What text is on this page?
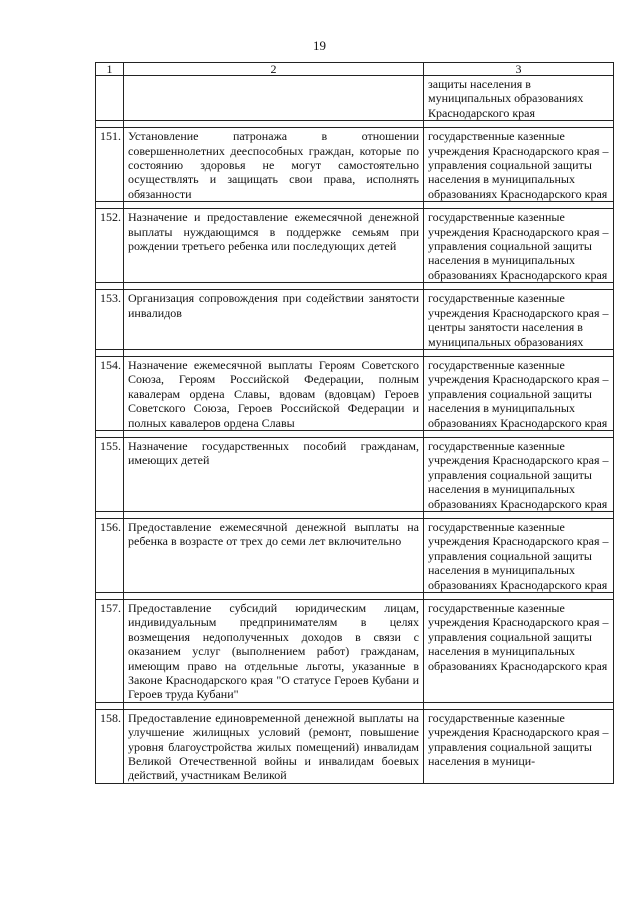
19
1	2	3
		защиты населения в муниципальных образованиях Краснодарского края

151.	Установление патронажа в отношении совершеннолетних дееспособных граждан, которые по состоянию здоровья не могут самостоятельно осуществлять и защищать свои права, исполнять обязанности	государственные казенные учреждения Краснодарского края – управления социальной защиты населения в муниципальных образованиях Краснодарского края

152.	Назначение и предоставление ежемесячной денежной выплаты нуждающимся в поддержке семьям при рождении третьего ребенка или последующих детей	государственные казенные учреждения Краснодарского края – управления социальной защиты населения в муниципальных образованиях Краснодарского края

153.	Организация сопровождения при содействии занятости инвалидов	государственные казенные учреждения Краснодарского края – центры занятости населения в муниципальных образованиях

154.	Назначение ежемесячной выплаты Героям Советского Союза, Героям Российской Федерации, полным кавалерам ордена Славы, вдовам (вдовцам) Героев Советского Союза, Героев Российской Федерации и полных кавалеров ордена Славы	государственные казенные учреждения Краснодарского края – управления социальной защиты населения в муниципальных образованиях Краснодарского края

155.	Назначение государственных пособий гражданам, имеющих детей	государственные казенные учреждения Краснодарского края – управления социальной защиты населения в муниципальных образованиях Краснодарского края

156.	Предоставление ежемесячной денежной выплаты на ребенка в возрасте от трех до семи лет включительно	государственные казенные учреждения Краснодарского края – управления социальной защиты населения в муниципальных образованиях Краснодарского края

157.	Предоставление субсидий юридическим лицам, индивидуальным предпринимателям в целях возмещения недополученных доходов в связи с оказанием услуг (выполнением работ) гражданам, имеющим право на отдельные льготы, указанные в Законе Краснодарского края "О статусе Героев Кубани и Героев труда Кубани"	государственные казенные учреждения Краснодарского края – управления социальной защиты населения в муниципальных образованиях Краснодарского края

158.	Предоставление единовременной денежной выплаты на улучшение жилищных условий (ремонт, повышение уровня благоустройства жилых помещений) инвалидам Великой Отечественной войны и инвалидам боевых действий, участникам Великой	государственные казенные учреждения Краснодарского края – управления социальной защиты населения в муници-
